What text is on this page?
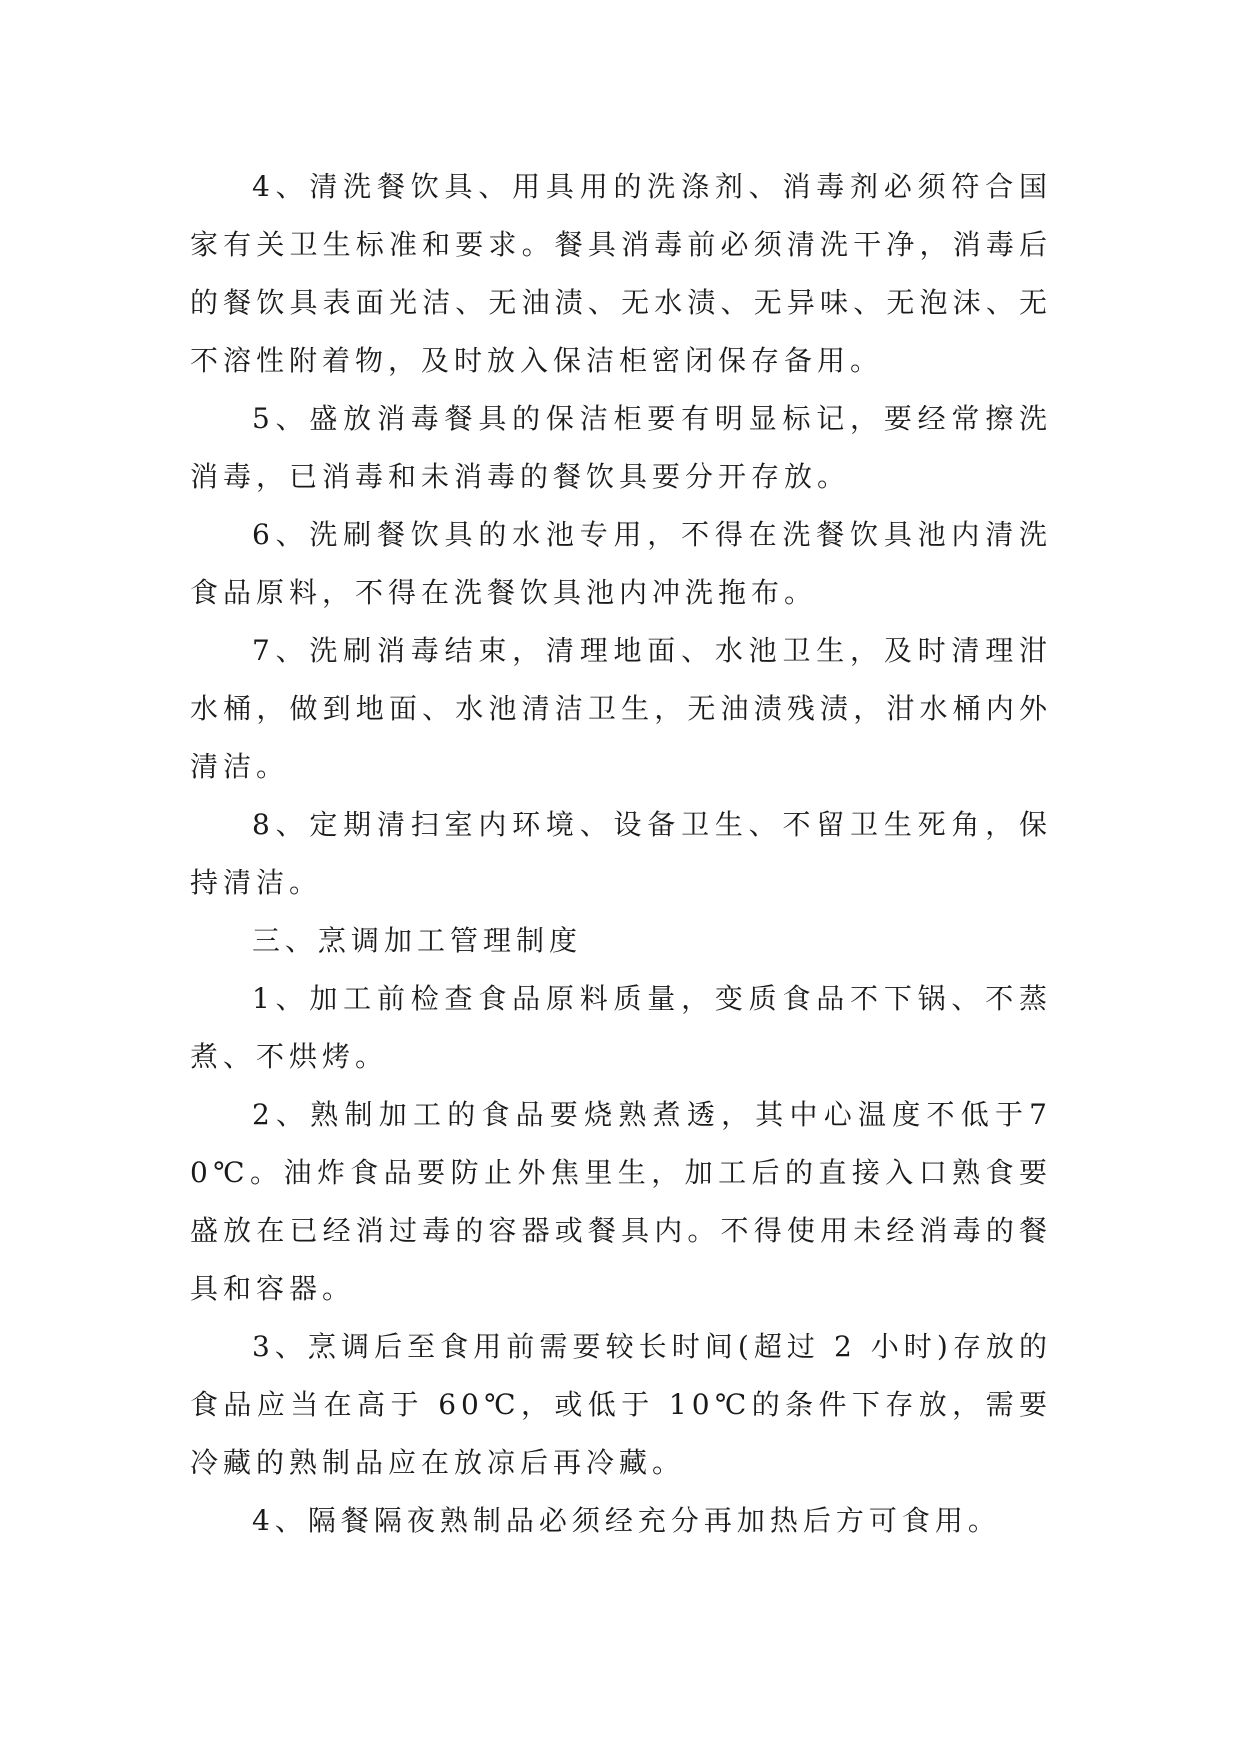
4、清洗餐饮具、用具用的洗涤剂、消毒剂必须符合国家有关卫生标准和要求。餐具消毒前必须清洗干净，消毒后的餐饮具表面光洁、无油渍、无水渍、无异味、无泡沫、无不溶性附着物，及时放入保洁柜密闭保存备用。

5、盛放消毒餐具的保洁柜要有明显标记，要经常擦洗消毒，已消毒和未消毒的餐饮具要分开存放。

6、洗刷餐饮具的水池专用，不得在洗餐饮具池内清洗食品原料，不得在洗餐饮具池内冲洗拖布。

7、洗刷消毒结束，清理地面、水池卫生，及时清理泔水桶，做到地面、水池清洁卫生，无油渍残渍，泔水桶内外清洁。

8、定期清扫室内环境、设备卫生、不留卫生死角，保持清洁。

三、烹调加工管理制度

1、加工前检查食品原料质量，变质食品不下锅、不蒸煮、不烘烤。

2、熟制加工的食品要烧熟煮透，其中心温度不低于70℃。油炸食品要防止外焦里生，加工后的直接入口熟食要盛放在已经消过毒的容器或餐具内。不得使用未经消毒的餐具和容器。

3、烹调后至食用前需要较长时间(超过 2 小时)存放的食品应当在高于 60℃，或低于 10℃的条件下存放，需要冷藏的熟制品应在放凉后再冷藏。

4、隔餐隔夜熟制品必须经充分再加热后方可食用。
